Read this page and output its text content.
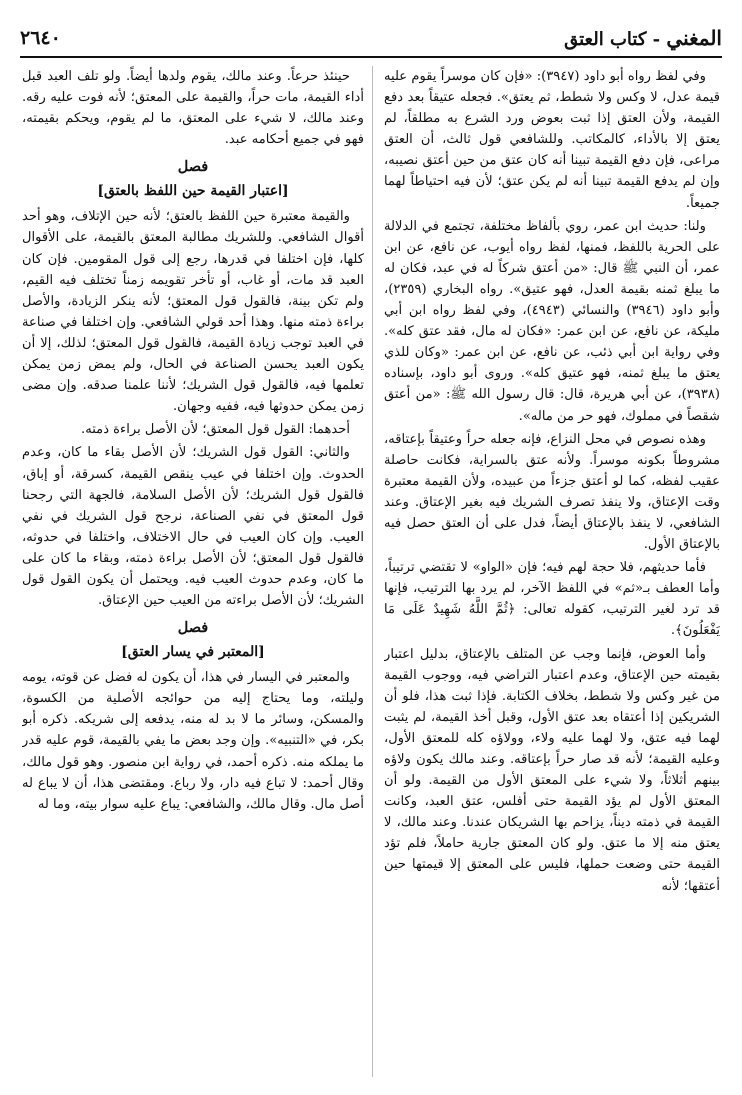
٢٦٤٠	المغني - كتاب العتق

وفي لفظ رواه أبو داود (٣٩٤٧): «فإن كان موسراً يقوم عليه قيمة عدل، لا وكس ولا شطط، ثم يعتق». فجعله عتيقاً بعد دفع القيمة، ولأن العتق إذا ثبت بعوض ورد الشرع به مطلقاً، لم يعتق إلا بالأداء، كالمكاتب. وللشافعي قول ثالث، أن العتق مراعى، فإن دفع القيمة تبينا أنه كان عتق من حين أعتق نصيبه، وإن لم يدفع القيمة تبينا أنه لم يكن عتق؛ لأن فيه احتياطاً لهما جميعاً.

ولنا: حديث ابن عمر، روي بألفاظ مختلفة، تجتمع في الدلالة على الحرية باللفظ، فمنها، لفظ رواه أيوب، عن نافع، عن ابن عمر، أن النبي ﷺ قال: «من أعتق شركاً له في عبد، فكان له ما يبلغ ثمنه بقيمة العدل، فهو عتيق». رواه البخاري (٢٣٥٩)، وأبو داود (٣٩٤٦) والنسائي (٤٩٤٣)، وفي لفظ رواه ابن أبي مليكة، عن نافع، عن ابن عمر: «فكان له مال، فقد عتق كله». وفي رواية ابن أبي ذئب، عن نافع، عن ابن عمر: «وكان للذي يعتق ما يبلغ ثمنه، فهو عتيق كله». وروى أبو داود، بإسناده (٣٩٣٨)، عن أبي هريرة، قال: قال رسول الله ﷺ: «من أعتق شقصاً في مملوك، فهو حر من ماله».

وهذه نصوص في محل النزاع، فإنه جعله حراً وعتيقاً بإعتاقه، مشروطاً بكونه موسراً. ولأنه عتق بالسراية، فكانت حاصلة عقيب لفظه، كما لو أعتق جزءاً من عبيده، ولأن القيمة معتبرة وقت الإعتاق، ولا ينفذ تصرف الشريك فيه بغير الإعتاق. وعند الشافعي، لا ينفذ بالإعتاق أيضاً، فدل على أن العتق حصل فيه بالإعتاق الأول.

فأما حديثهم، فلا حجة لهم فيه؛ فإن «الواو» لا تقتضي ترتيباً، وأما العطف بـ«ثم» في اللفظ الآخر، لم يرد بها الترتيب، فإنها قد ترد لغير الترتيب، كقوله تعالى: ﴿ثُمَّ اللَّهُ شَهِيدٌ عَلَى مَا يَفْعَلُونَ﴾.

وأما العوض، فإنما وجب عن المتلف بالإعتاق، بدليل اعتبار بقيمته حين الإعتاق، وعدم اعتبار التراضي فيه، ووجوب القيمة من غير وكس ولا شطط، بخلاف الكتابة. فإذا ثبت هذا، فلو أن الشريكين إذا أعتقاه بعد عتق الأول، وقبل أخذ القيمة، لم يثبت لهما فيه عتق، ولا لهما عليه ولاء، وولاؤه كله للمعتق الأول، وعليه القيمة؛ لأنه قد صار حراً بإعتاقه. وعند مالك يكون ولاؤه بينهم أثلاثاً، ولا شيء على المعتق الأول من القيمة. ولو أن المعتق الأول لم يؤد القيمة حتى أفلس، عتق العبد، وكانت القيمة في ذمته ديناً، يزاحم بها الشريكان عندنا. وعند مالك، لا يعتق منه إلا ما عتق. ولو كان المعتق جارية حاملاً، فلم تؤد القيمة حتى وضعت حملها، فليس على المعتق إلا قيمتها حين أعتقها؛ لأنه

حينئذ حرعاً. وعند مالك، يقوم ولدها أيضاً. ولو تلف العبد قبل أداء القيمة، مات حراً، والقيمة على المعتق؛ لأنه فوت عليه رقه. وعند مالك، لا شيء على المعتق، ما لم يقوم، ويحكم بقيمته، فهو في جميع أحكامه عبد.

فصل
[اعتبار القيمة حين اللفظ بالعتق]

والقيمة معتبرة حين اللفظ بالعتق؛ لأنه حين الإتلاف، وهو أحد أقوال الشافعي. وللشريك مطالبة المعتق بالقيمة، على الأقوال كلها، فإن اختلفا في قدرها، رجع إلى قول المقومين. فإن كان العبد قد مات، أو غاب، أو تأخر تقويمه زمناً تختلف فيه القيم، ولم تكن بينة، فالقول قول المعتق؛ لأنه ينكر الزيادة، والأصل براءة ذمته منها. وهذا أحد قولي الشافعي. وإن اختلفا في صناعة في العبد توجب زيادة القيمة، فالقول قول المعتق؛ لذلك، إلا أن يكون العبد يحسن الصناعة في الحال، ولم يمض زمن يمكن تعلمها فيه، فالقول قول الشريك؛ لأننا علمنا صدقه. وإن مضى زمن يمكن حدوثها فيه، ففيه وجهان.

أحدهما: القول قول المعتق؛ لأن الأصل براءة ذمته.

والثاني: القول قول الشريك؛ لأن الأصل بقاء ما كان، وعدم الحدوث. وإن اختلفا في عيب ينقص القيمة، كسرقة، أو إباق، فالقول قول الشريك؛ لأن الأصل السلامة، فالجهة التي رجحنا قول المعتق في نفي الصناعة، نرجح قول الشريك في نفي العيب. وإن كان العيب في حال الاختلاف، واختلفا في حدوثه، فالقول قول المعتق؛ لأن الأصل براءة ذمته، وبقاء ما كان على ما كان، وعدم حدوث العيب فيه. ويحتمل أن يكون القول قول الشريك؛ لأن الأصل براءته من العيب حين الإعتاق.

فصل
[المعتبر في يسار العتق]

والمعتبر في اليسار في هذا، أن يكون له فضل عن قوته، يومه وليلته، وما يحتاج إليه من حوائجه الأصلية من الكسوة، والمسكن، وسائر ما لا بد له منه، يدفعه إلى شريكه. ذكره أبو بكر، في «التنبيه». وإن وجد بعض ما يفي بالقيمة، قوم عليه قدر ما يملكه منه. ذكره أحمد، في رواية ابن منصور. وهو قول مالك، وقال أحمد: لا تباع فيه دار، ولا رباع. ومقتضى هذا، أن لا يباع له أصل مال. وقال مالك، والشافعي: يباع عليه سوار بيته، وما له
